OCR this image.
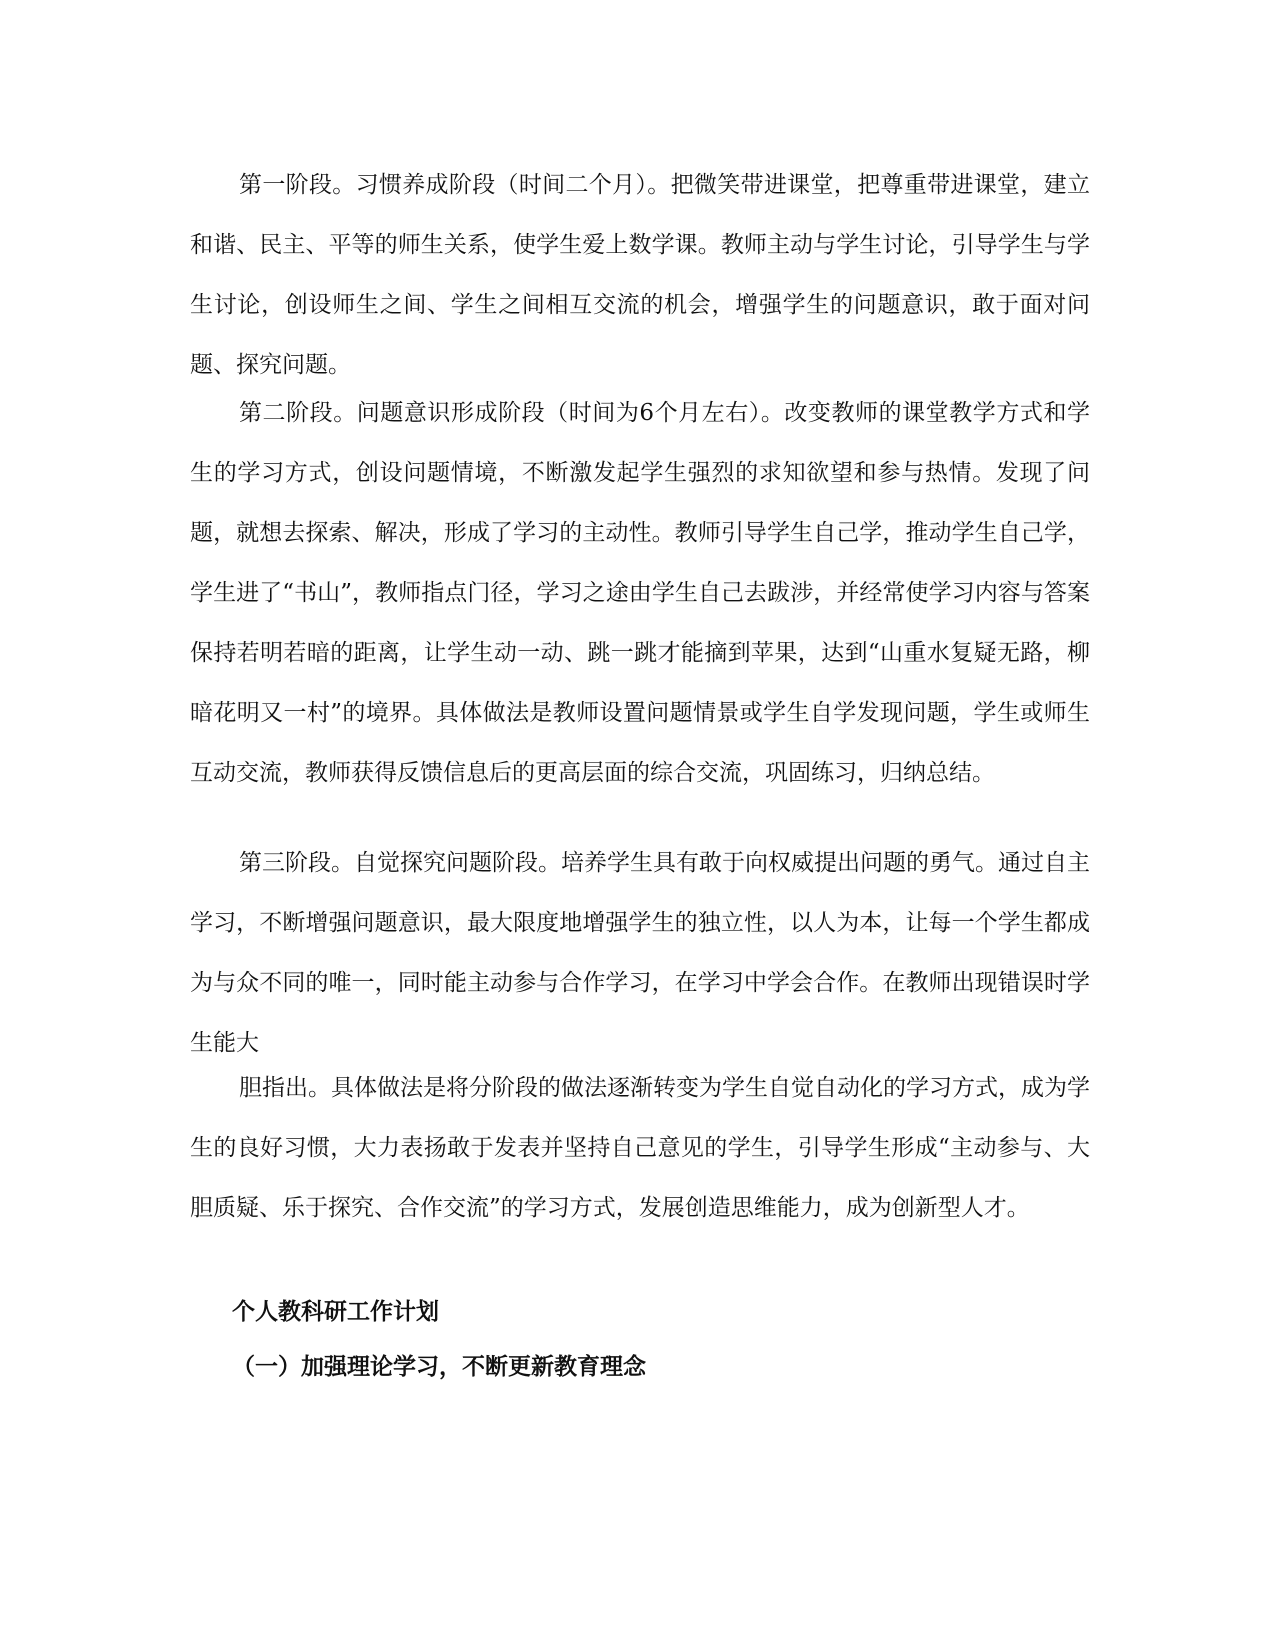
第一阶段。习惯养成阶段（时间二个月）。把微笑带进课堂，把尊重带进课堂，建立和谐、民主、平等的师生关系，使学生爱上数学课。教师主动与学生讨论，引导学生与学生讨论，创设师生之间、学生之间相互交流的机会，增强学生的问题意识，敢于面对问题、探究问题。
第二阶段。问题意识形成阶段（时间为6个月左右）。改变教师的课堂教学方式和学生的学习方式，创设问题情境，不断激发起学生强烈的求知欲望和参与热情。发现了问题，就想去探索、解决，形成了学习的主动性。教师引导学生自己学，推动学生自己学，学生进了“书山”，教师指点门径，学习之途由学生自己去跋涉，并经常使学习内容与答案保持若明若暗的距离，让学生动一动、跳一跳才能摘到苹果，达到“山重水复疑无路，柳暗花明又一村”的境界。具体做法是教师设置问题情景或学生自学发现问题，学生或师生互动交流，教师获得反馈信息后的更高层面的综合交流，巩固练习，归纳总结。
第三阶段。自觉探究问题阶段。培养学生具有敢于向权威提出问题的勇气。通过自主学习，不断增强问题意识，最大限度地增强学生的独立性，以人为本，让每一个学生都成为与众不同的唯一，同时能主动参与合作学习，在学习中学会合作。在教师出现错误时学生能大
胆指出。具体做法是将分阶段的做法逐渐转变为学生自觉自动化的学习方式，成为学生的良好习惯，大力表扬敢于发表并坚持自己意见的学生，引导学生形成“主动参与、大胆质疑、乐于探究、合作交流”的学习方式，发展创造思维能力，成为创新型人才。
个人教科研工作计划
（一）加强理论学习，不断更新教育理念
